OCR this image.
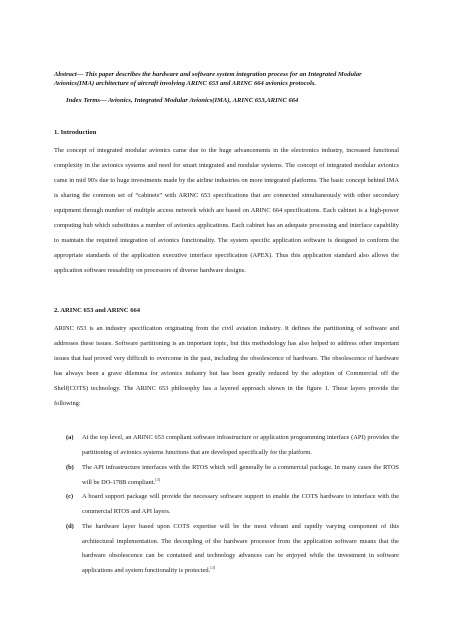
Abstract— This paper describes the hardware and software system integration process for an Integrated Modular Avionics(IMA) architecture of aircraft involving ARINC 653 and ARINC 664 avionics protocols.

Index Terms— Avionics, Integrated Modular Avionics(IMA), ARINC 653,ARINC 664

1. Introduction

The concept of integrated modular avionics came due to the huge advancements in the electronics industry, increased functional complexity in the avionics systems and need for smart integrated and modular systems. The concept of integrated modular avionics came in mid 90's due to huge investments made by the airline industries on more integrated platforms. The basic concept behind IMA is sharing the common set of “cabinets” with ARINC 653 specifications that are connected simultaneously with other secondary equipment through number of multiple access network which are based on ARINC 664 specifications. Each cabinet is a high-power computing hub which substitutes a number of avionics applications. Each cabinet has an adequate processing and interface capability to maintain the required integration of avionics functionality. The system specific application software is designed to conform the appropriate standards of the application executive interface specification (APEX). Thus this application standard also allows the application software reusability on processors of diverse hardware designs.

2. ARINC 653 and ARINC 664

ARINC 653 is an industry specification originating from the civil aviation industry. It defines the partitioning of software and addresses these issues. Software partitioning is an important topic, but this methodology has also helped to address other important issues that had proved very difficult to overcome in the past, including the obsolescence of hardware. The obsolescence of hardware has always been a grave dilemma for avionics industry but has been greatly reduced by the adoption of Commercial off the Shelf(COTS) technology. The ARINC 653 philosophy has a layered approach shown in the figure 1. These layers provide the following:

(a)	At the top level, an ARINC 653 compliant software infrastructure or application programming interface (API) provides the partitioning of avionics systems functions that are developed specifically for the platform.
(b)	The API infrastructure interfaces with the RTOS which will generally be a commercial package. In many cases the RTOS will be DO-178B compliant.[4]
(c)	A board support package will provide the necessary software support to enable the COTS hardware to interface with the commercial RTOS and API layers.
(d)	The hardware layer based upon COTS expertise will be the most vibrant and rapidly varying component of this architectural implementation. The decoupling of the hardware processor from the application software means that the hardware obsolescence can be contained and technology advances can be enjoyed while the investment in software applications and system functionality is protected.[4]
